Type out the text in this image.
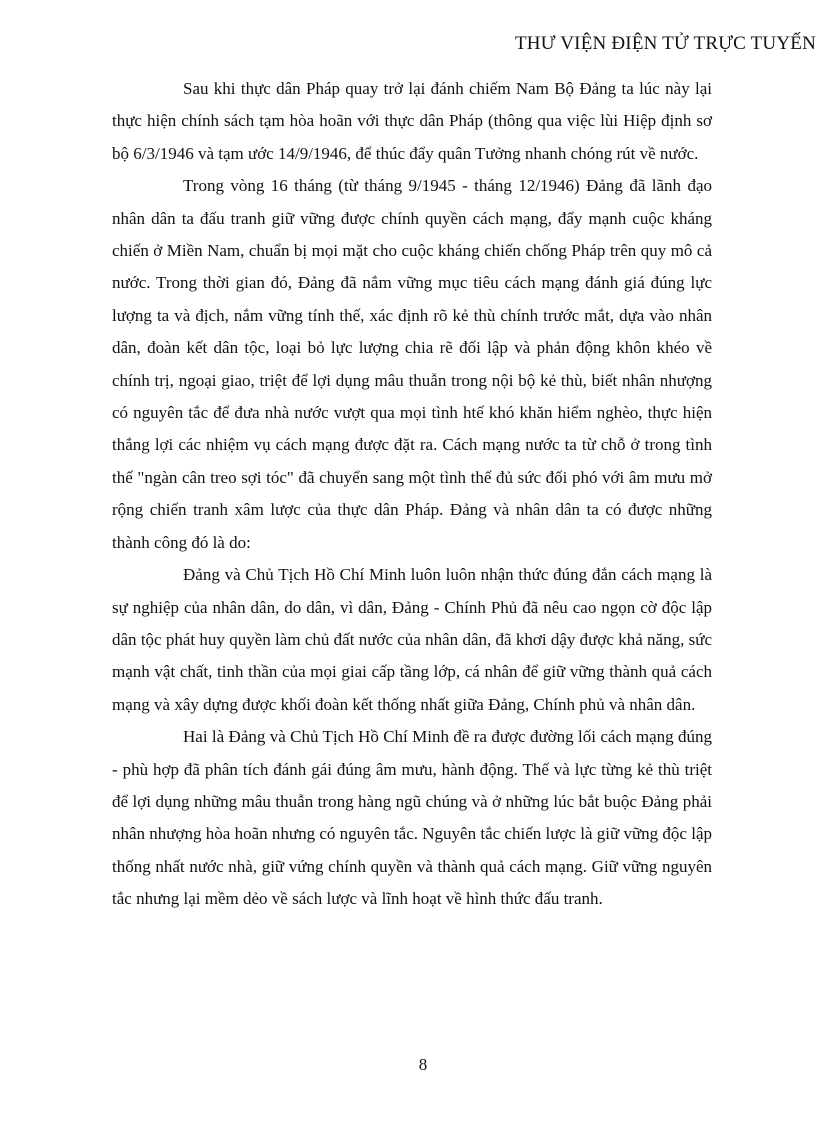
THƯ VIỆN ĐIỆN TỬ TRỰC TUYẾN

Sau khi thực dân Pháp quay trở lại đánh chiếm Nam Bộ Đảng ta lúc này lại thực hiện chính sách tạm hòa hoãn với thực dân Pháp (thông qua việc lùi Hiệp định sơ bộ 6/3/1946 và tạm ước 14/9/1946, để thúc đẩy quân Tưởng nhanh chóng rút về nước.

Trong vòng 16 tháng (từ tháng 9/1945 - tháng 12/1946) Đảng đã lãnh đạo nhân dân ta đấu tranh giữ vững được chính quyền cách mạng, đẩy mạnh cuộc kháng chiến ở Miền Nam, chuẩn bị mọi mặt cho cuộc kháng chiến chống Pháp trên quy mô cả nước. Trong thời gian đó, Đảng đã nắm vững mục tiêu cách mạng đánh giá đúng lực lượng ta và địch, nắm vững tính thế, xác định rõ kẻ thù chính trước mắt, dựa vào nhân dân, đoàn kết dân tộc, loại bỏ lực lượng chia rẽ đối lập và phản động khôn khéo về chính trị, ngoại giao, triệt để lợi dụng mâu thuẫn trong nội bộ kẻ thù, biết nhân nhượng có nguyên tắc để đưa nhà nước vượt qua mọi tình htế khó khăn hiểm nghèo, thực hiện thắng lợi các nhiệm vụ cách mạng được đặt ra. Cách mạng nước ta từ chỗ ở trong tình thế "ngàn cân treo sợi tóc" đã chuyển sang một tình thế đủ sức đối phó với âm mưu mở rộng chiến tranh xâm lược của thực dân Pháp. Đảng và nhân dân ta có được những thành công đó là do:

Đảng và Chủ Tịch Hồ Chí Minh luôn luôn nhận thức đúng đắn cách mạng là sự nghiệp của nhân dân, do dân, vì dân, Đảng - Chính Phủ đã nêu cao ngọn cờ độc lập dân tộc phát huy quyền làm chủ đất nước của nhân dân, đã khơi dậy được khả năng, sức mạnh vật chất, tinh thần của mọi giai cấp tầng lớp, cá nhân để giữ vững thành quả cách mạng và xây dựng được khối đoàn kết thống nhất giữa Đảng, Chính phủ và nhân dân.

Hai là Đảng và Chủ Tịch Hồ Chí Minh đề ra được đường lối cách mạng đúng - phù hợp đã phân tích đánh gái đúng âm mưu, hành động. Thế và lực từng kẻ thù triệt để lợi dụng những mâu thuẫn trong hàng ngũ chúng và ở những lúc bắt buộc Đảng phải nhân nhượng hòa hoãn nhưng có nguyên tắc. Nguyên tắc chiến lược là giữ vững độc lập thống nhất nước nhà, giữ vứng chính quyền và thành quả cách mạng. Giữ vững nguyên tắc nhưng lại mềm dẻo về sách lược và lĩnh hoạt về hình thức đấu tranh.

8
